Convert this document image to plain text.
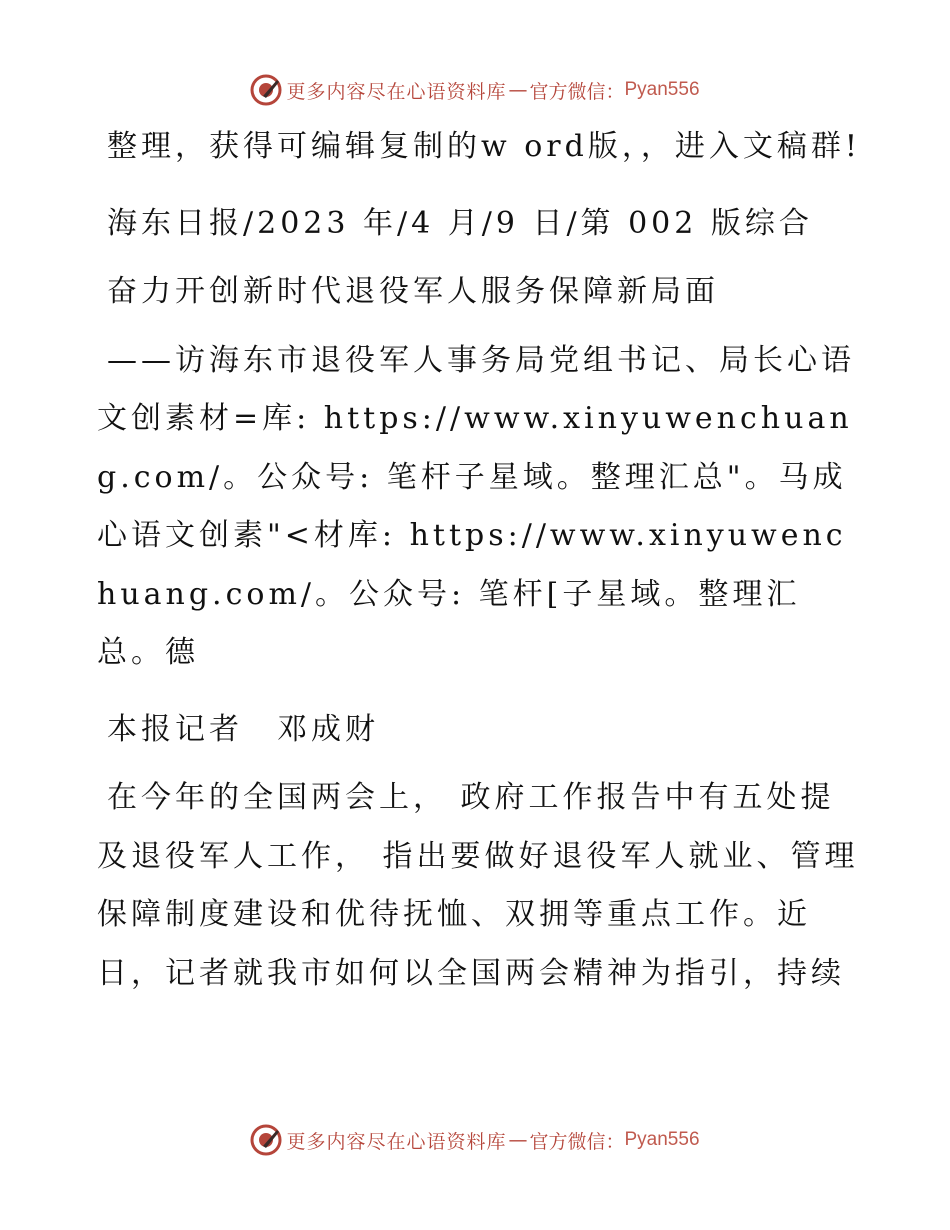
更多内容尽在心语资料库 — 官方微信： Pyan556

整理，获得可编辑复制的w ord版，，进入文稿群!

海东日报/2023 年/4 月/9 日/第 002 版综合

奋力开创新时代退役军人服务保障新局面

——访海东市退役军人事务局党组书记、局长心语文创素材=库: https://www.xinyuwenchuang.com/。公众号: 笔杆子星域。整理汇总"。马成心语文创素"<材库: https://www.xinyuwenchuang.com/。公众号: 笔杆[子星域。整理汇总。德

本报记者　邓成财

在今年的全国两会上， 政府工作报告中有五处提及退役军人工作， 指出要做好退役军人就业、管理保障制度建设和优待抚恤、双拥等重点工作。近日，记者就我市如何以全国两会精神为指引，持续

更多内容尽在心语资料库 — 官方微信： Pyan556
